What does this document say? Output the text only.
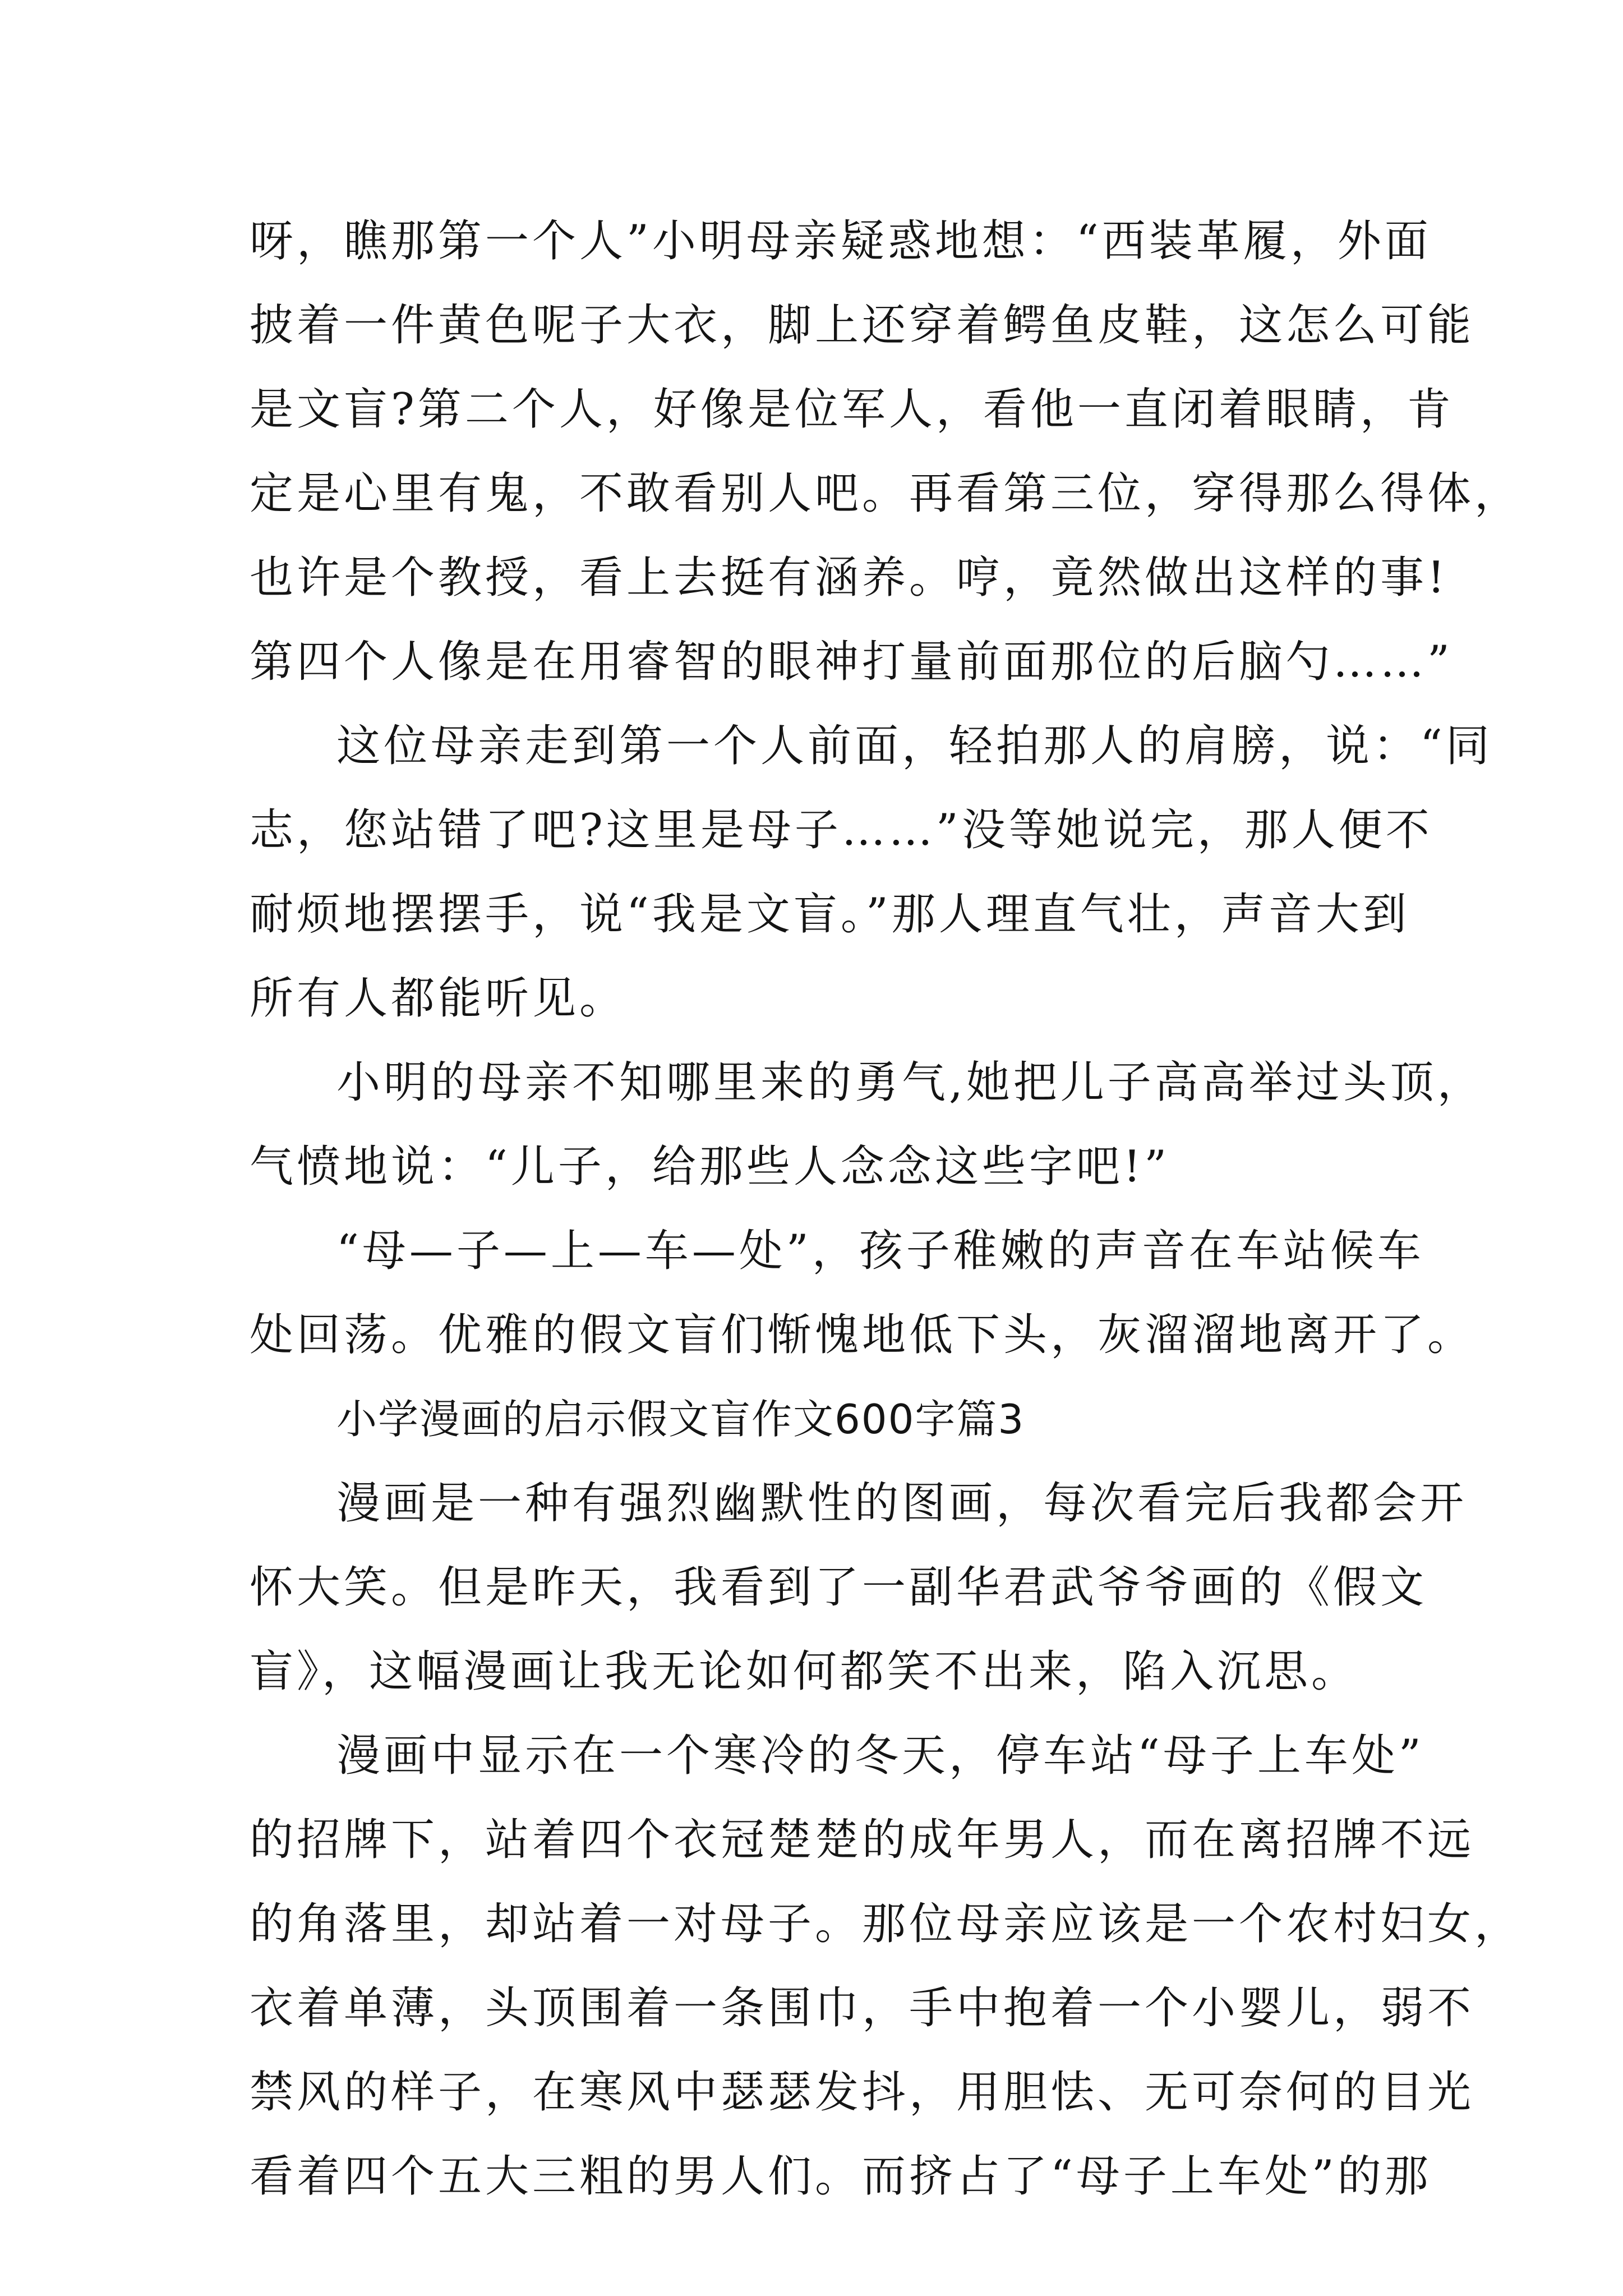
呀，瞧那第一个人”小明母亲疑惑地想：“西装革履，外面
披着一件黄色呢子大衣，脚上还穿着鳄鱼皮鞋，这怎么可能
是文盲?第二个人，好像是位军人，看他一直闭着眼睛，肯
定是心里有鬼，不敢看别人吧。再看第三位，穿得那么得体，
也许是个教授，看上去挺有涵养。哼，竟然做出这样的事!
第四个人像是在用睿智的眼神打量前面那位的后脑勺……”
这位母亲走到第一个人前面，轻拍那人的肩膀，说：“同
志，您站错了吧?这里是母子……”没等她说完，那人便不
耐烦地摆摆手，说“我是文盲。”那人理直气壮，声音大到
所有人都能听见。
小明的母亲不知哪里来的勇气,她把儿子高高举过头顶，
气愤地说：“儿子，给那些人念念这些字吧!”
“母—子—上—车—处”，孩子稚嫩的声音在车站候车
处回荡。优雅的假文盲们惭愧地低下头，灰溜溜地离开了。
小学漫画的启示假文盲作文600字篇3
漫画是一种有强烈幽默性的图画，每次看完后我都会开
怀大笑。但是昨天，我看到了一副华君武爷爷画的《假文
盲》，这幅漫画让我无论如何都笑不出来，陷入沉思。
漫画中显示在一个寒冷的冬天，停车站“母子上车处”
的招牌下，站着四个衣冠楚楚的成年男人，而在离招牌不远
的角落里，却站着一对母子。那位母亲应该是一个农村妇女，
衣着单薄，头顶围着一条围巾，手中抱着一个小婴儿，弱不
禁风的样子，在寒风中瑟瑟发抖，用胆怯、无可奈何的目光
看着四个五大三粗的男人们。而挤占了“母子上车处”的那
